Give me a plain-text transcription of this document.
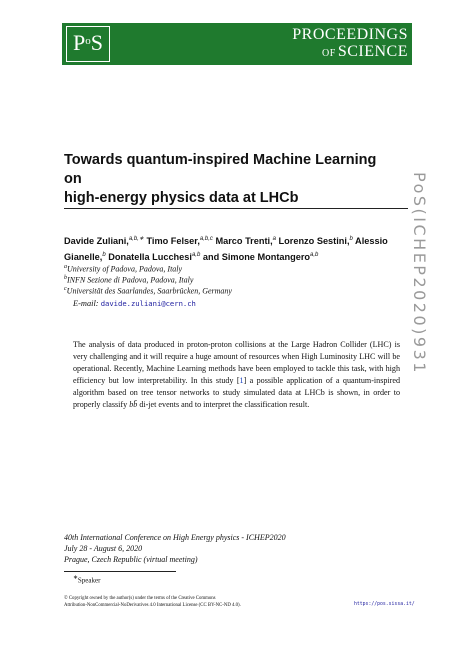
$P^oS$	PROCEEDINGS
OF SCIENCE
PoS(ICHEP2020)931
Towards quantum-inspired Machine Learning on
high-energy physics data at LHCb
Davide Zuliani,$^{a,b,∗}$ Timo Felser,$^{a,b,c}$ Marco Trenti,$^a$ Lorenzo Sestini,$^b$ Alessio Gianelle,$^b$ Donatella Lucchesi$^{a,b}$ and Simone Montangero$^{a,b}$
$^a$University of Padova, Padova, Italy
$^b$INFN Sezione di Padova, Padova, Italy
$^c$Universität des Saarlandes, Saarbrücken, Germany
E-mail: davide.zuliani@cern.ch
The analysis of data produced in proton-proton collisions at the Large Hadron Collider (LHC) is very challenging and it will require a huge amount of resources when High Luminosity LHC will be operational. Recently, Machine Learning methods have been employed to tackle this task, with high efficiency but low interpretability. In this study [1] a possible application of a quantum-inspired algorithm based on tree tensor networks to study simulated data at LHCb is shown, in order to properly classify bb̄ di-jet events and to interpret the classification result.
40th International Conference on High Energy physics - ICHEP2020
July 28 - August 6, 2020
Prague, Czech Republic (virtual meeting)
∗Speaker
© Copyright owned by the author(s) under the terms of the Creative Commons
Attribution-NonCommercial-NoDerivatives 4.0 International License (CC BY-NC-ND 4.0).	https://pos.sissa.it/
